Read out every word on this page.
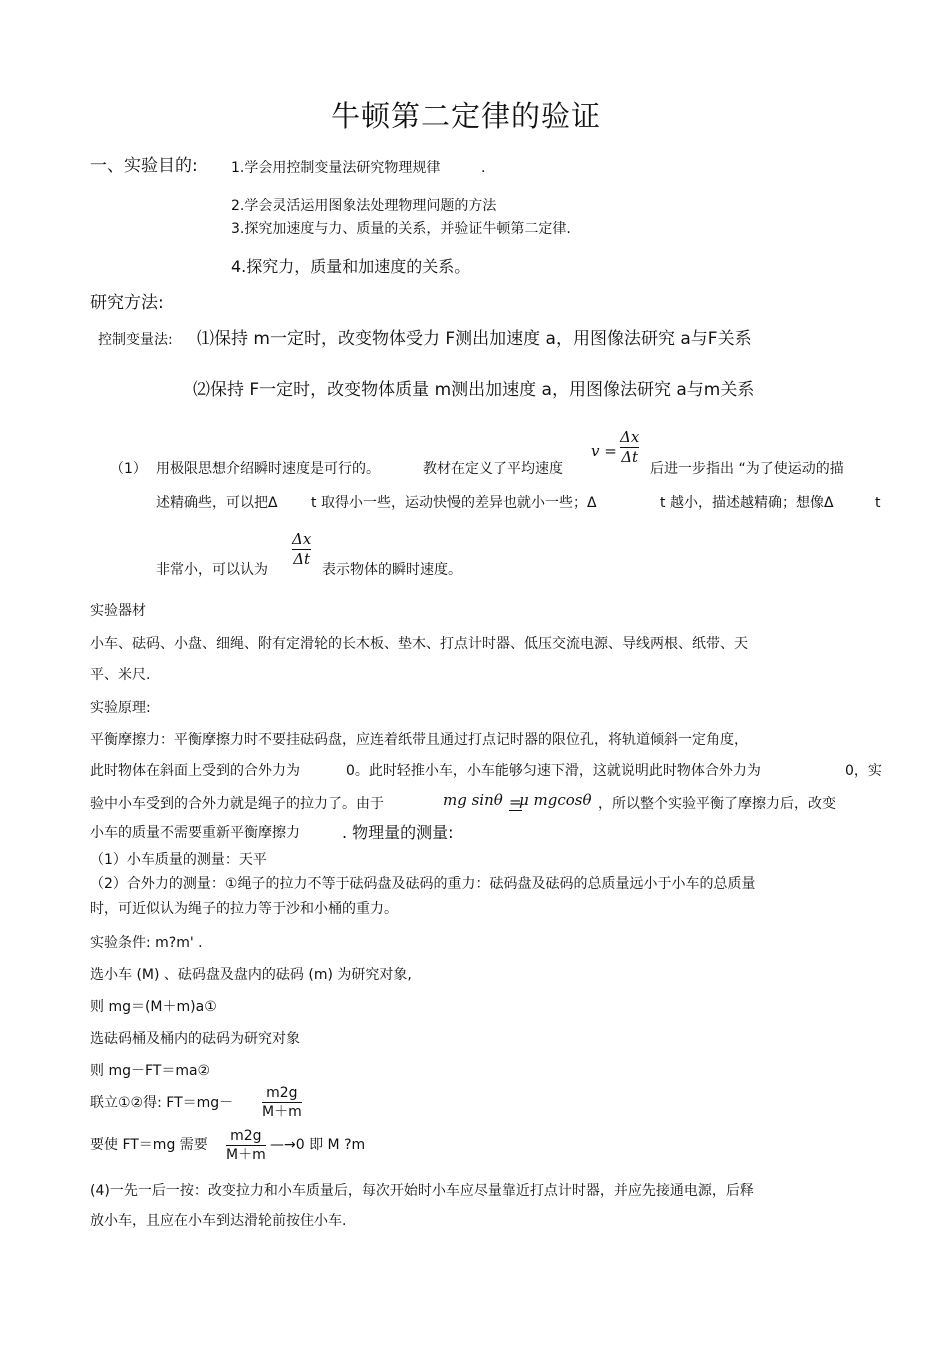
牛顿第二定律的验证
一、实验目的: 1.学会用控制变量法研究物理规律	.
2.学会灵活运用图象法处理物理问题的方法
3.探究加速度与力、质量的关系，并验证牛顿第二定律.
4.探究力，质量和加速度的关系。
研究方法:
控制变量法: ⑴保持 m一定时，改变物体受力 F测出加速度 a，用图像法研究 a与F关系
⑵保持 F一定时，改变物体质量 m测出加速度 a，用图像法研究 a与m关系
（1） 用极限思想介绍瞬时速度是可行的。	教材在定义了平均速度
v =
Δx
Δt
后进一步指出 “为了使运动的描
述精确些，可以把Δ t 取得小一些，运动快慢的差异也就小一些；Δ	t 越小，描述越精确；想像Δ	t
Δx
Δt
非常小，可以认为	表示物体的瞬时速度。
实验器材
小车、砝码、小盘、细绳、附有定滑轮的长木板、垫木、打点计时器、低压交流电源、导线两根、纸带、天
平、米尺.
实验原理:
平衡摩擦力：平衡摩擦力时不要挂砝码盘，应连着纸带且通过打点记时器的限位孔，将轨道倾斜一定角度，
此时物体在斜面上受到的合外力为	0。此时轻推小车，小车能够匀速下滑，这就说明此时物体合外力为	0，实
验中小车受到的合外力就是绳子的拉力了。由于	mg sinθ =
μ mgcosθ ，所以整个实验平衡了摩擦力后，改变
小车的质量不需要重新平衡摩擦力	. 物理量的测量:
（1）小车质量的测量：天平
（2）合外力的测量：①绳子的拉力不等于砝码盘及砝码的重力：砝码盘及砝码的总质量远小于小车的总质量
时，可近似认为绳子的拉力等于沙和小桶的重力。
实验条件: m?m' .
选小车 (M) 、砝码盘及盘内的砝码 (m) 为研究对象,
则 mg＝(M＋m)a①
选砝码桶及桶内的砝码为研究对象
则 mg－FT＝ma②
联立①②得: FT＝mg－
m2g
M＋m
要使 FT＝mg 需要
m2g
M＋m
—→0 即 M ?m
(4)一先一后一按：改变拉力和小车质量后，每次开始时小车应尽量靠近打点计时器，并应先接通电源，后释
放小车，且应在小车到达滑轮前按住小车.
